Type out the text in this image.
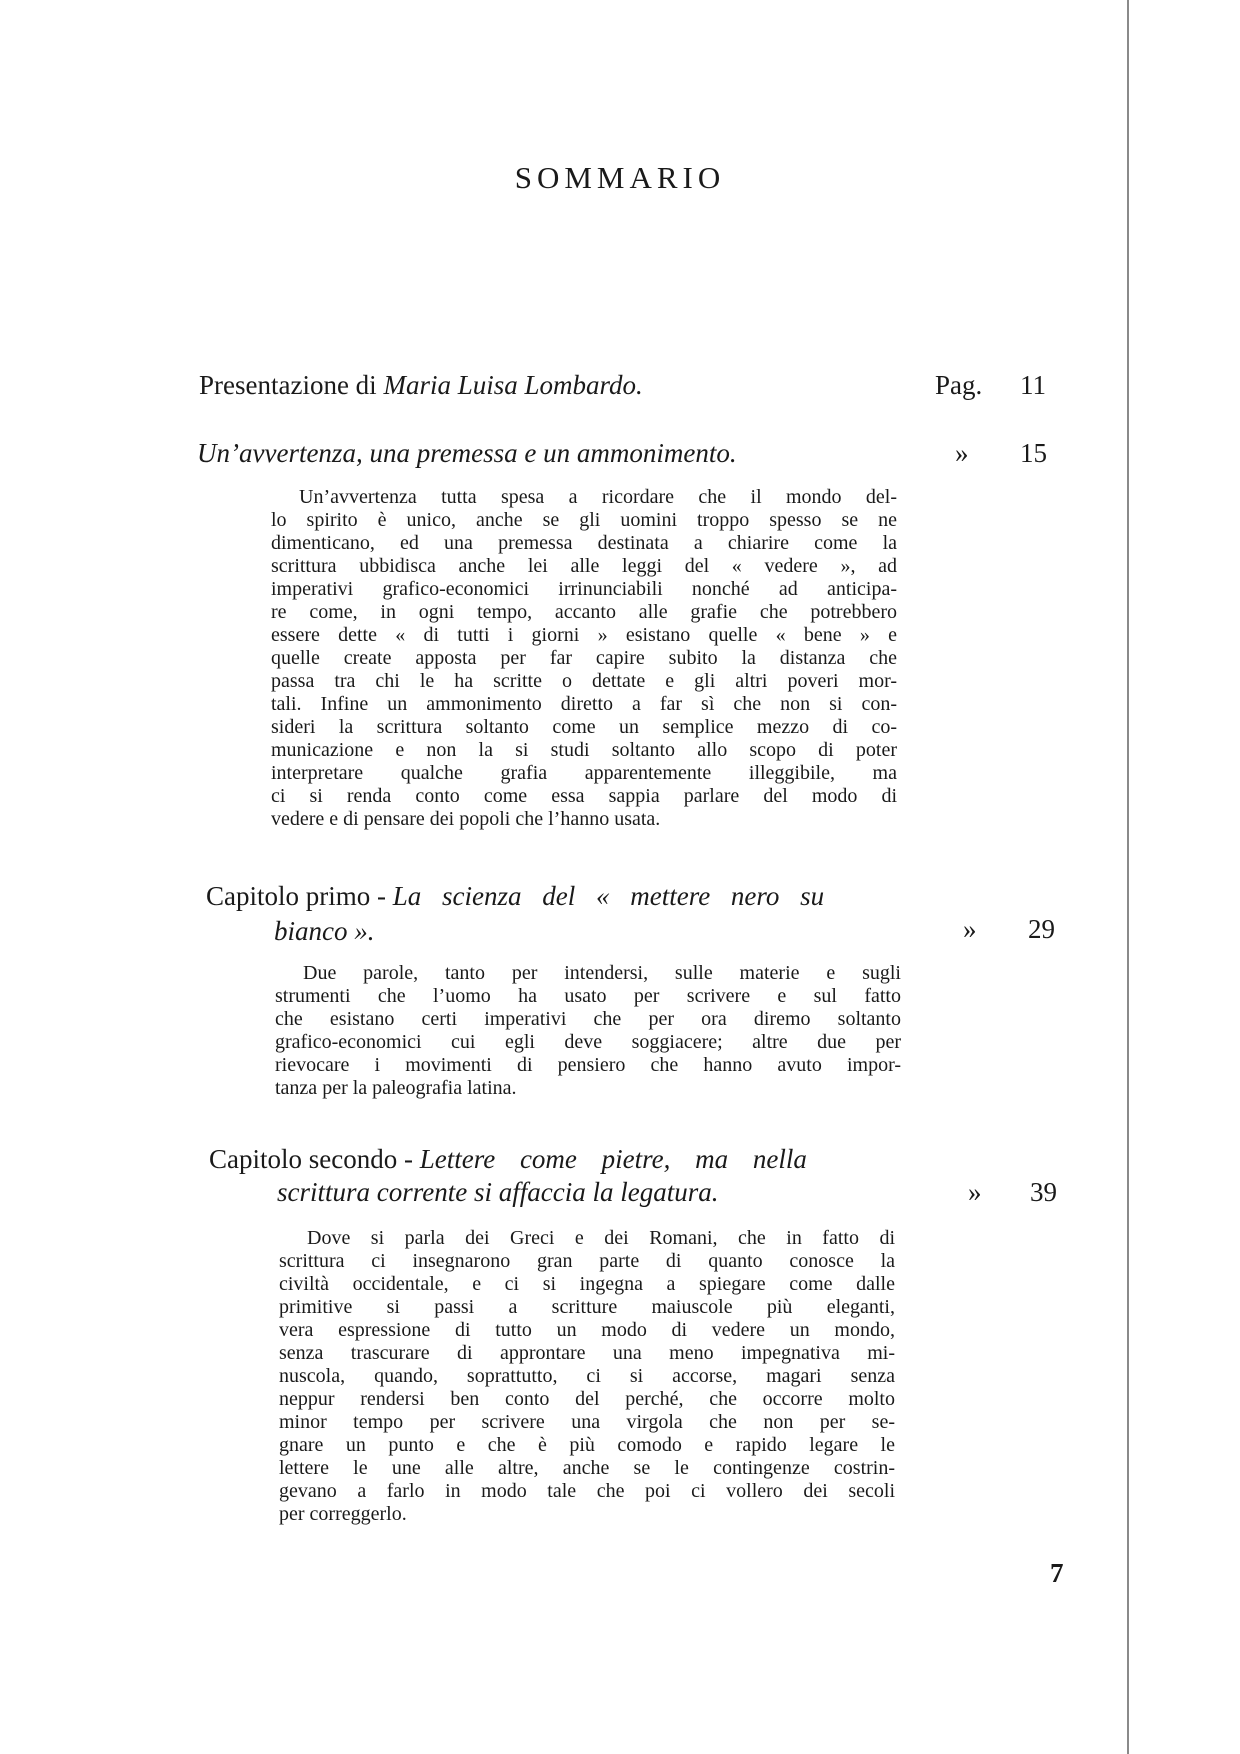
SOMMARIO
Presentazione di Maria Luisa Lombardo.	Pag. 11
Un’avvertenza, una premessa e un ammonimento.	» 15
Un’avvertenza tutta spesa a ricordare che il mondo del-
lo spirito è unico, anche se gli uomini troppo spesso se ne
dimenticano, ed una premessa destinata a chiarire come la
scrittura ubbidisca anche lei alle leggi del « vedere », ad
imperativi grafico-economici irrinunciabili nonché ad anticipa-
re come, in ogni tempo, accanto alle grafie che potrebbero
essere dette « di tutti i giorni » esistano quelle « bene » e
quelle create apposta per far capire subito la distanza che
passa tra chi le ha scritte o dettate e gli altri poveri mor-
tali. Infine un ammonimento diretto a far sì che non si con-
sideri la scrittura soltanto come un semplice mezzo di co-
municazione e non la si studi soltanto allo scopo di poter
interpretare qualche grafia apparentemente illeggibile, ma
ci si renda conto come essa sappia parlare del modo di
vedere e di pensare dei popoli che l’hanno usata.
Capitolo primo - La scienza del « mettere nero su
bianco ».	» 29
Due parole, tanto per intendersi, sulle materie e sugli
strumenti che l’uomo ha usato per scrivere e sul fatto
che esistano certi imperativi che per ora diremo soltanto
grafico-economici cui egli deve soggiacere; altre due per
rievocare i movimenti di pensiero che hanno avuto impor-
tanza per la paleografia latina.
Capitolo secondo - Lettere come pietre, ma nella
scrittura corrente si affaccia la legatura.	» 39
Dove si parla dei Greci e dei Romani, che in fatto di
scrittura ci insegnarono gran parte di quanto conosce la
civiltà occidentale, e ci si ingegna a spiegare come dalle
primitive si passi a scritture maiuscole più eleganti,
vera espressione di tutto un modo di vedere un mondo,
senza trascurare di approntare una meno impegnativa mi-
nuscola, quando, soprattutto, ci si accorse, magari senza
neppur rendersi ben conto del perché, che occorre molto
minor tempo per scrivere una virgola che non per se-
gnare un punto e che è più comodo e rapido legare le
lettere le une alle altre, anche se le contingenze costrin-
gevano a farlo in modo tale che poi ci vollero dei secoli
per correggerlo.
7
